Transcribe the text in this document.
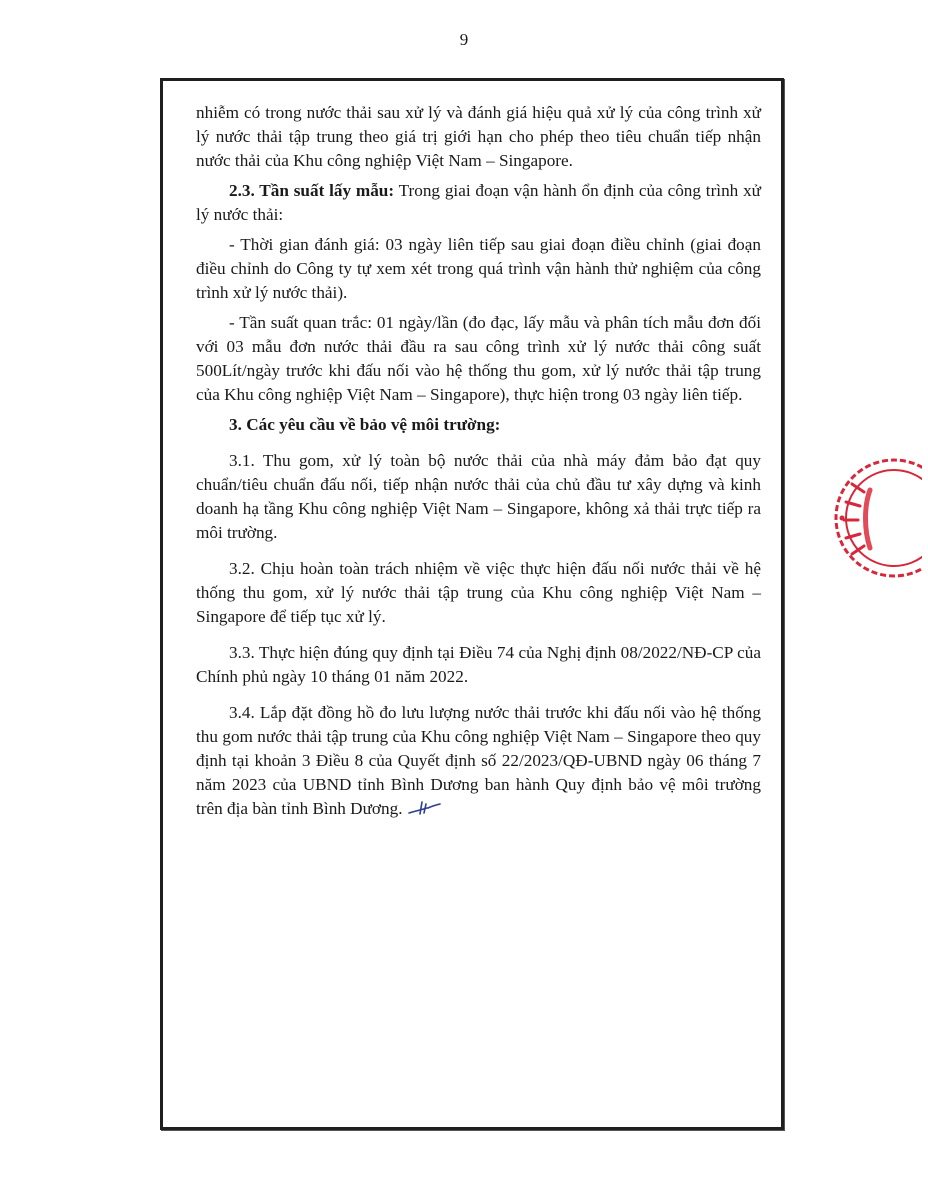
9

nhiễm có trong nước thải sau xử lý và đánh giá hiệu quả xử lý của công trình xử lý nước thải tập trung theo giá trị giới hạn cho phép theo tiêu chuẩn tiếp nhận nước thải của Khu công nghiệp Việt Nam – Singapore.

2.3. Tần suất lấy mẫu: Trong giai đoạn vận hành ổn định của công trình xử lý nước thải:

- Thời gian đánh giá: 03 ngày liên tiếp sau giai đoạn điều chỉnh (giai đoạn điều chỉnh do Công ty tự xem xét trong quá trình vận hành thử nghiệm của công trình xử lý nước thải).

- Tần suất quan trắc: 01 ngày/lần (đo đạc, lấy mẫu và phân tích mẫu đơn đối với 03 mẫu đơn nước thải đầu ra sau công trình xử lý nước thải công suất 500Lít/ngày trước khi đấu nối vào hệ thống thu gom, xử lý nước thải tập trung của Khu công nghiệp Việt Nam – Singapore), thực hiện trong 03 ngày liên tiếp.

3. Các yêu cầu về bảo vệ môi trường:

3.1. Thu gom, xử lý toàn bộ nước thải của nhà máy đảm bảo đạt quy chuẩn/tiêu chuẩn đấu nối, tiếp nhận nước thải của chủ đầu tư xây dựng và kinh doanh hạ tầng Khu công nghiệp Việt Nam – Singapore, không xả thải trực tiếp ra môi trường.

3.2. Chịu hoàn toàn trách nhiệm về việc thực hiện đấu nối nước thải về hệ thống thu gom, xử lý nước thải tập trung của Khu công nghiệp Việt Nam – Singapore để tiếp tục xử lý.

3.3. Thực hiện đúng quy định tại Điều 74 của Nghị định 08/2022/NĐ-CP của Chính phủ ngày 10 tháng 01 năm 2022.

3.4. Lắp đặt đồng hồ đo lưu lượng nước thải trước khi đấu nối vào hệ thống thu gom nước thải tập trung của Khu công nghiệp Việt Nam – Singapore theo quy định tại khoản 3 Điều 8 của Quyết định số 22/2023/QĐ-UBND ngày 06 tháng 7 năm 2023 của UBND tỉnh Bình Dương ban hành Quy định bảo vệ môi trường trên địa bàn tỉnh Bình Dương.
